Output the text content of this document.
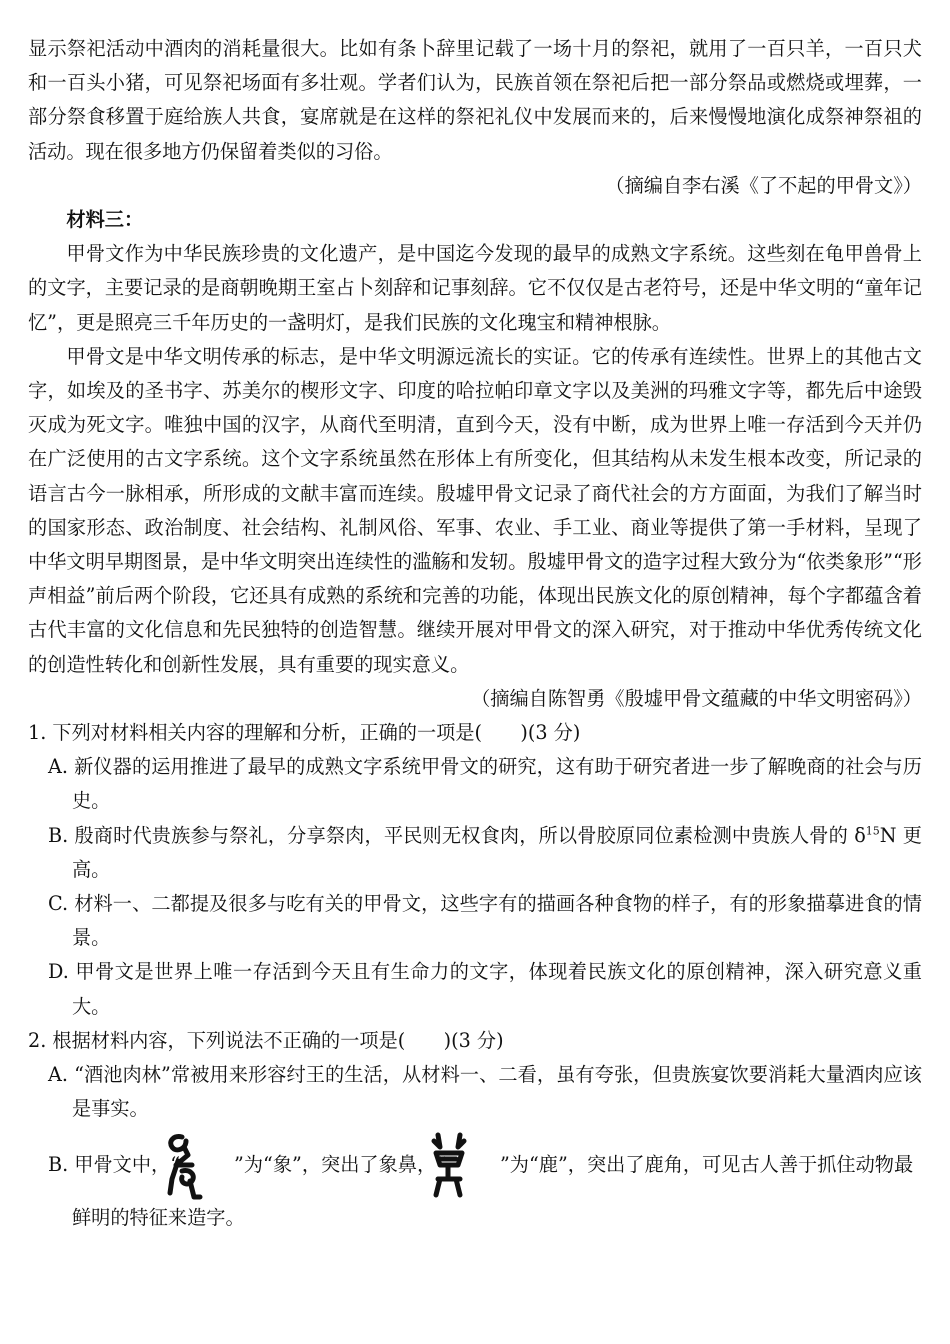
显示祭祀活动中酒肉的消耗量很大。比如有条卜辞里记载了一场十月的祭祀，就用了一百只羊，一百只犬和一百头小猪，可见祭祀场面有多壮观。学者们认为，民族首领在祭祀后把一部分祭品或燃烧或埋葬，一部分祭食移置于庭给族人共食，宴席就是在这样的祭祀礼仪中发展而来的，后来慢慢地演化成祭神祭祖的活动。现在很多地方仍保留着类似的习俗。

（摘编自李右溪《了不起的甲骨文》）

材料三：

甲骨文作为中华民族珍贵的文化遗产，是中国迄今发现的最早的成熟文字系统。这些刻在龟甲兽骨上的文字，主要记录的是商朝晚期王室占卜刻辞和记事刻辞。它不仅仅是古老符号，还是中华文明的“童年记忆”，更是照亮三千年历史的一盏明灯，是我们民族的文化瑰宝和精神根脉。

甲骨文是中华文明传承的标志，是中华文明源远流长的实证。它的传承有连续性。世界上的其他古文字，如埃及的圣书字、苏美尔的楔形文字、印度的哈拉帕印章文字以及美洲的玛雅文字等，都先后中途毁灭成为死文字。唯独中国的汉字，从商代至明清，直到今天，没有中断，成为世界上唯一存活到今天并仍在广泛使用的古文字系统。这个文字系统虽然在形体上有所变化，但其结构从未发生根本改变，所记录的语言古今一脉相承，所形成的文献丰富而连续。殷墟甲骨文记录了商代社会的方方面面，为我们了解当时的国家形态、政治制度、社会结构、礼制风俗、军事、农业、手工业、商业等提供了第一手材料，呈现了中华文明早期图景，是中华文明突出连续性的滥觞和发轫。殷墟甲骨文的造字过程大致分为“依类象形”“形声相益”前后两个阶段，它还具有成熟的系统和完善的功能，体现出民族文化的原创精神，每个字都蕴含着古代丰富的文化信息和先民独特的创造智慧。继续开展对甲骨文的深入研究，对于推动中华优秀传统文化的创造性转化和创新性发展，具有重要的现实意义。

（摘编自陈智勇《殷墟甲骨文蕴藏的中华文明密码》）

1. 下列对材料相关内容的理解和分析，正确的一项是(　　)(3 分)

A. 新仪器的运用推进了最早的成熟文字系统甲骨文的研究，这有助于研究者进一步了解晚商的社会与历史。

B. 殷商时代贵族参与祭礼，分享祭肉，平民则无权食肉，所以骨胶原同位素检测中贵族人骨的 $\delta^{15}N$ 更高。

C. 材料一、二都提及很多与吃有关的甲骨文，这些字有的描画各种食物的样子，有的形象描摹进食的情景。

D. 甲骨文是世界上唯一存活到今天且有生命力的文字，体现着民族文化的原创精神，深入研究意义重大。

2. 根据材料内容，下列说法不正确的一项是(　　)(3 分)

A. “酒池肉林”常被用来形容纣王的生活，从材料一、二看，虽有夸张，但贵族宴饮要消耗大量酒肉应该是事实。

B. 甲骨文中，“	”为“象”，突出了象鼻，“	”为“鹿”，突出了鹿角，可见古人善于抓住动物最鲜明的特征来造字。
